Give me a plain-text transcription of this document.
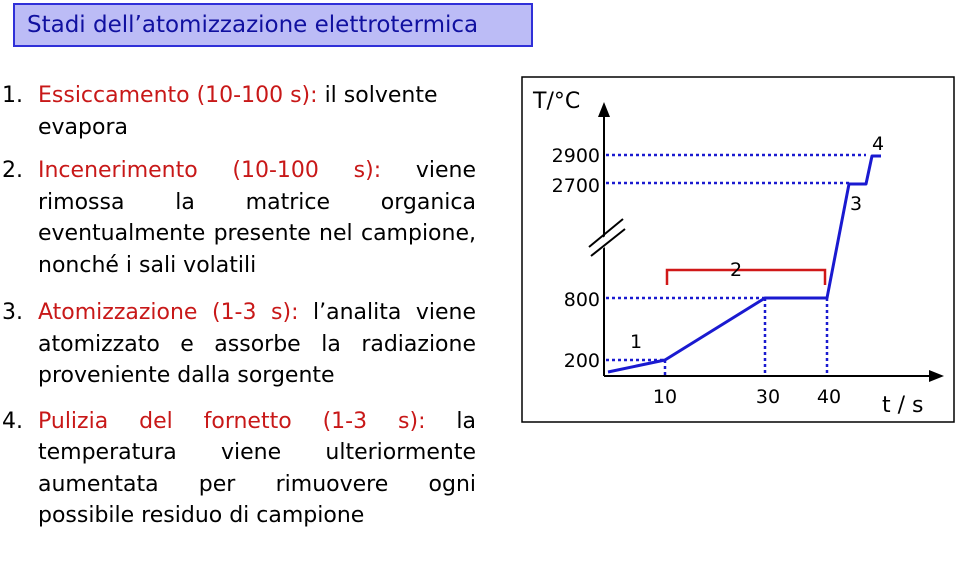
Stadi dell’atomizzazione elettrotermica
1. Essiccamento (10-100 s): il solvente evapora
2. Incenerimento (10-100 s): viene rimossa la matrice organica eventualmente presente nel campione, nonché i sali volatili
3. Atomizzazione (1-3 s): l’analita viene atomizzato e assorbe la radiazione proveniente dalla sorgente
4. Pulizia del fornetto (1-3 s): la temperatura viene ulteriormente aumentata per rimuovere ogni possibile residuo di campione
T/°C
t / s
2900
2700
800
200
10	30 40
1
2
3
4
